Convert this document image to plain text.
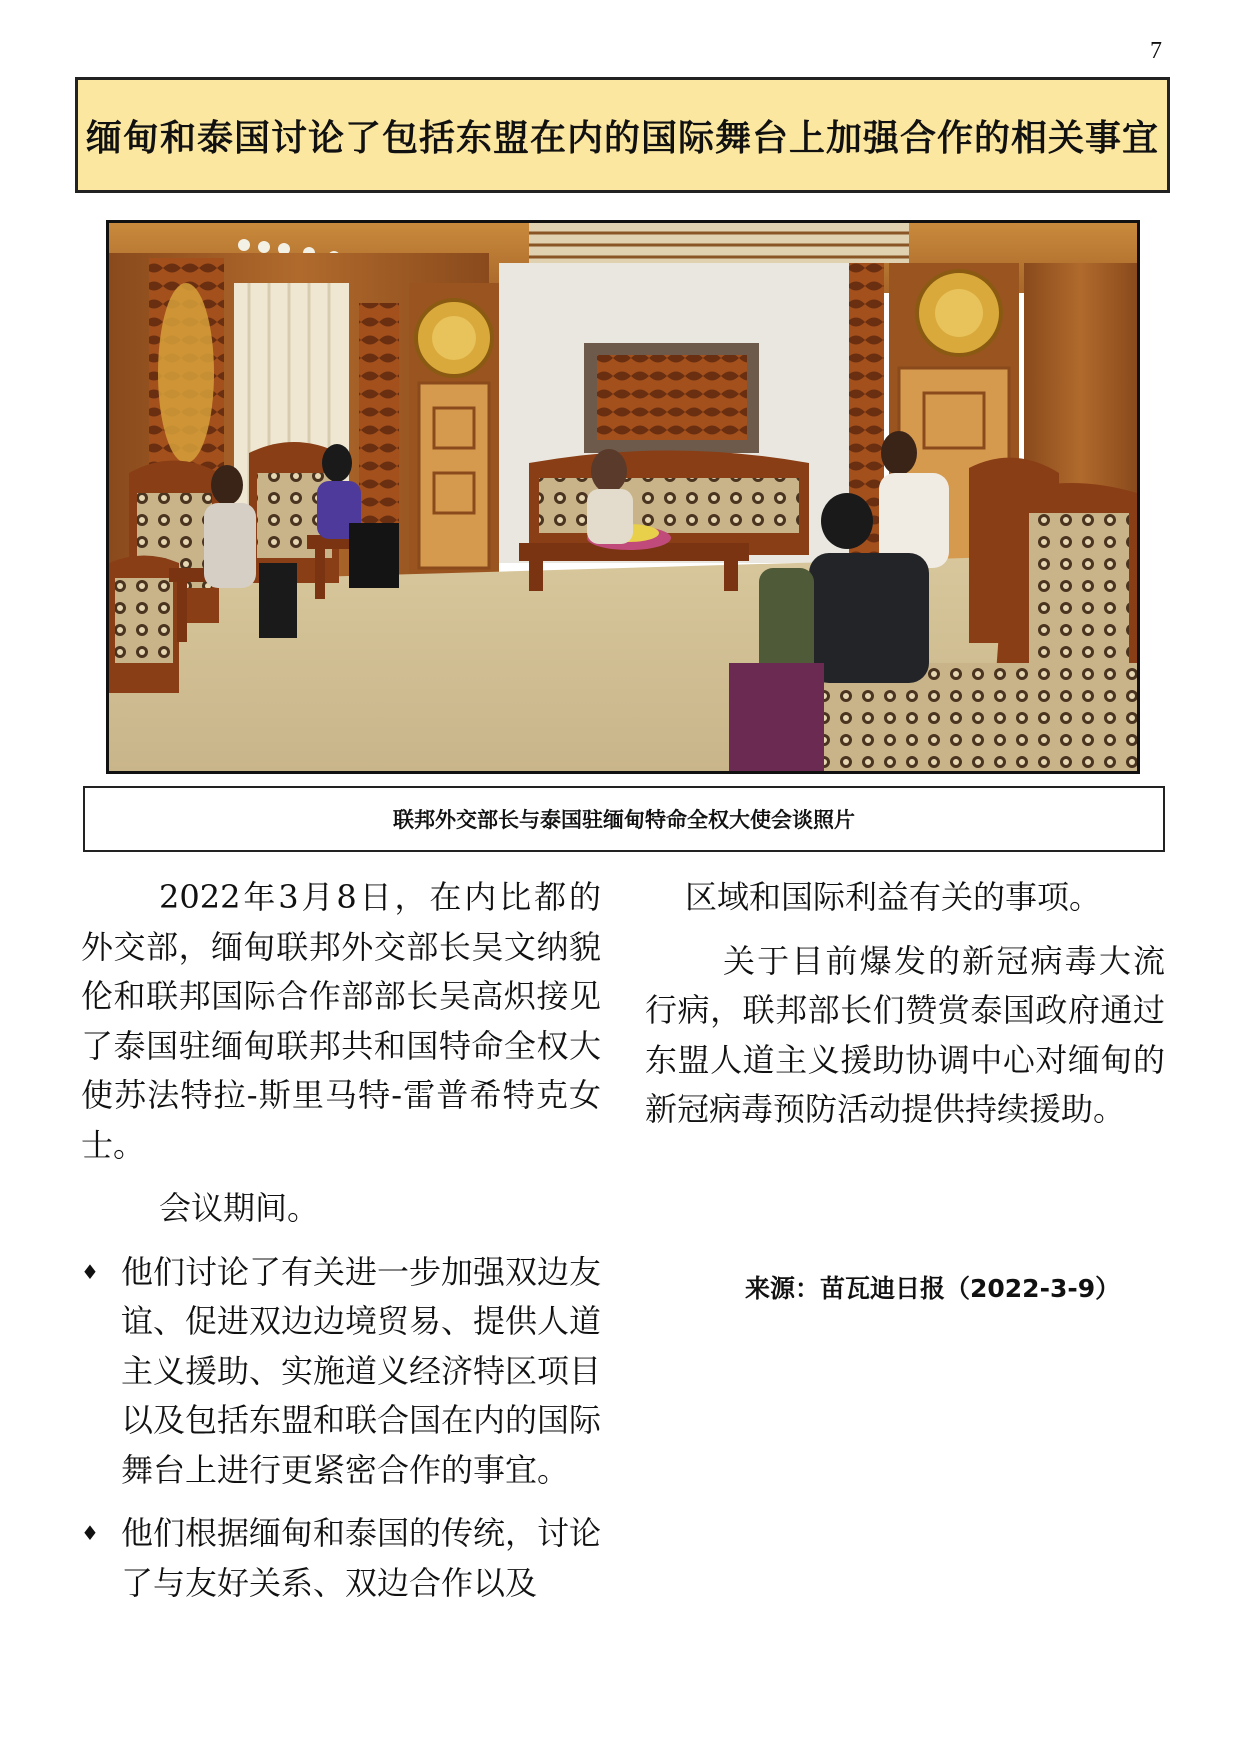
7
缅甸和泰国讨论了包括东盟在内的国际舞台上加强合作的相关事宜
联邦外交部长与泰国驻缅甸特命全权大使会谈照片

2022年3月8日，在内比都的外交部，缅甸联邦外交部长吴文纳貌伦和联邦国际合作部部长吴高炽接见了泰国驻缅甸联邦共和国特命全权大使苏法特拉-斯里马特-雷普希特克女士。

会议期间。

♦ 他们讨论了有关进一步加强双边友谊、促进双边边境贸易、提供人道主义援助、实施道义经济特区项目以及包括东盟和联合国在内的国际舞台上进行更紧密合作的事宜。

♦ 他们根据缅甸和泰国的传统，讨论了与友好关系、双边合作以及

区域和国际利益有关的事项。

关于目前爆发的新冠病毒大流行病，联邦部长们赞赏泰国政府通过东盟人道主义援助协调中心对缅甸的新冠病毒预防活动提供持续援助。

来源：苗瓦迪日报（2022-3-9）
